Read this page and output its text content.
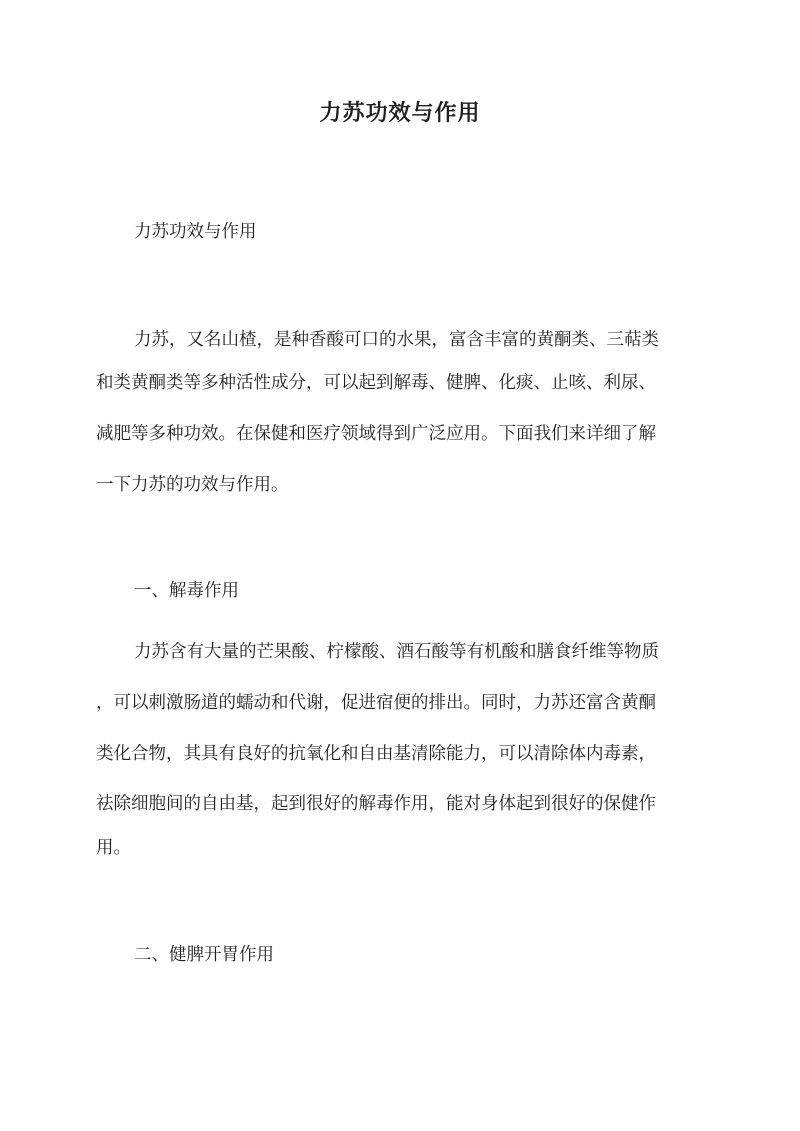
力苏功效与作用
力苏功效与作用
力苏，又名山楂，是种香酸可口的水果，富含丰富的黄酮类、三萜类
和类黄酮类等多种活性成分，可以起到解毒、健脾、化痰、止咳、利尿、
减肥等多种功效。在保健和医疗领域得到广泛应用。下面我们来详细了解
一下力苏的功效与作用。
一、解毒作用
力苏含有大量的芒果酸、柠檬酸、酒石酸等有机酸和膳食纤维等物质
，可以刺激肠道的蠕动和代谢，促进宿便的排出。同时，力苏还富含黄酮
类化合物，其具有良好的抗氧化和自由基清除能力，可以清除体内毒素，
祛除细胞间的自由基，起到很好的解毒作用，能对身体起到很好的保健作
用。
二、健脾开胃作用
